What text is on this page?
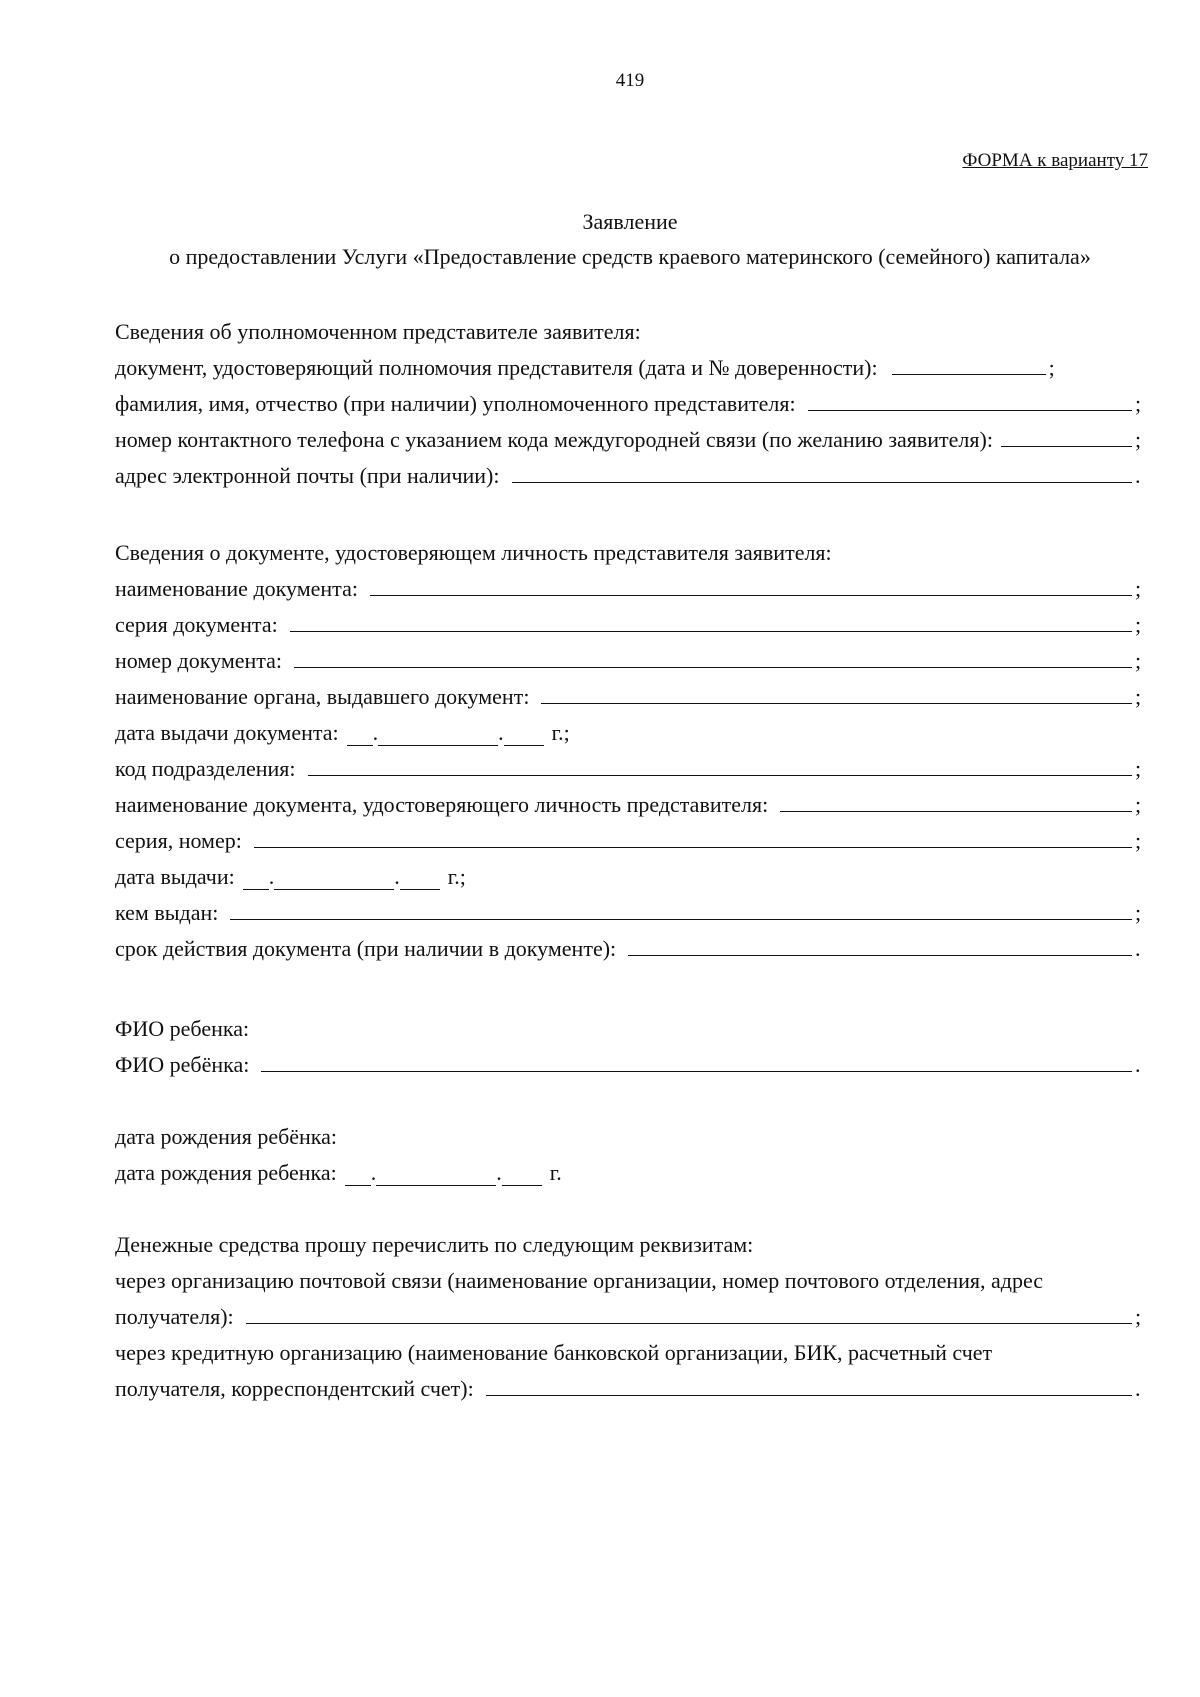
419
ФОРМА к варианту 17
Заявление
о предоставлении Услуги «Предоставление средств краевого материнского (семейного) капитала»
Сведения об уполномоченном представителе заявителя:
документ, удостоверяющий полномочия представителя (дата и № доверенности):	;
фамилия, имя, отчество (при наличии) уполномоченного представителя:	;
номер контактного телефона с указанием кода междугородней связи (по желанию заявителя):	;
адрес электронной почты (при наличии):	.
Сведения о документе, удостоверяющем личность представителя заявителя:
наименование документа:	;
серия документа:	;
номер документа:	;
наименование органа, выдавшего документ:	;
дата выдачи документа: .	. г.;
код подразделения:	;
наименование документа, удостоверяющего личность представителя:	;
серия, номер:	;
дата выдачи: .	. г.;
кем выдан:	;
срок действия документа (при наличии в документе):	.
ФИО ребенка:
ФИО ребёнка:	.
дата рождения ребёнка:
дата рождения ребенка: .	. г.
Денежные средства прошу перечислить по следующим реквизитам:
через организацию почтовой связи (наименование организации, номер почтового отделения, адрес
получателя):	;
через кредитную организацию (наименование банковской организации, БИК, расчетный счет
получателя, корреспондентский счет):	.
